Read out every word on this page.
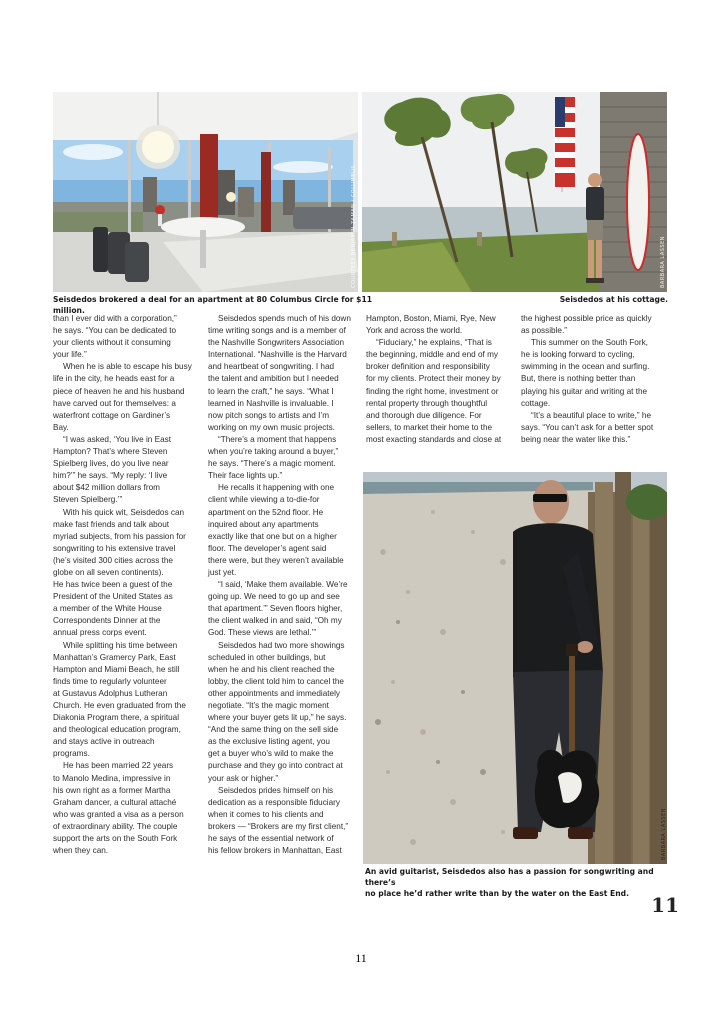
COURTESY BENJAMIN ZAMAN / COLUMBUS	BARBARA LASSEN
Seisdedos brokered a deal for an apartment at 80 Columbus Circle for $11 million.
Seisdedos at his cottage.
BARBARA LASSEN
An avid guitarist, Seisdedos also has a passion for songwriting and there’s
no place he’d rather write than by the water on the East End.

than I ever did with a corporation,”

he says. “You can be dedicated to

your clients without it consuming

your life.”

When he is able to escape his busy

life in the city, he heads east for a

piece of heaven he and his husband

have carved out for themselves: a

waterfront cottage on Gardiner’s

Bay.

“I was asked, ‘You live in East

Hampton? That’s where Steven

Spielberg lives, do you live near

him?’” he says. “My reply: ‘I live

about $42 million dollars from

Steven Spielberg.’”

With his quick wit, Seisdedos can

make fast friends and talk about

myriad subjects, from his passion for

songwriting to his extensive travel

(he’s visited 300 cities across the

globe on all seven continents).

He has twice been a guest of the

President of the United States as

a member of the White House

Correspondents Dinner at the

annual press corps event.

While splitting his time between

Manhattan’s Gramercy Park, East

Hampton and Miami Beach, he still

finds time to regularly volunteer

at Gustavus Adolphus Lutheran

Church. He even graduated from the

Diakonia Program there, a spiritual

and theological education program,

and stays active in outreach

programs.

He has been married 22 years

to Manolo Medina, impressive in

his own right as a former Martha

Graham dancer, a cultural attaché

who was granted a visa as a person

of extraordinary ability. The couple

support the arts on the South Fork

when they can.

Seisdedos spends much of his down

time writing songs and is a member of

the Nashville Songwriters Association

International. “Nashville is the Harvard

and heartbeat of songwriting. I had

the talent and ambition but I needed

to learn the craft,” he says. “What I

learned in Nashville is invaluable. I

now pitch songs to artists and I’m

working on my own music projects.

“There’s a moment that happens

when you’re taking around a buyer,”

he says. “There’s a magic moment.

Their face lights up.”

He recalls it happening with one

client while viewing a to-die-for

apartment on the 52nd floor. He

inquired about any apartments

exactly like that one but on a higher

floor. The developer’s agent said

there were, but they weren’t available

just yet.

“I said, ‘Make them available. We’re

going up. We need to go up and see

that apartment.’” Seven floors higher,

the client walked in and said, “Oh my

God. These views are lethal.’”

Seisdedos had two more showings

scheduled in other buildings, but

when he and his client reached the

lobby, the client told him to cancel the

other appointments and immediately

negotiate. “It’s the magic moment

where your buyer gets lit up,” he says.

“And the same thing on the sell side

as the exclusive listing agent, you

get a buyer who’s wild to make the

purchase and they go into contract at

your ask or higher.”

Seisdedos prides himself on his

dedication as a responsible fiduciary

when it comes to his clients and

brokers — “Brokers are my first client,”

he says of the essential network of

his fellow brokers in Manhattan, East

Hampton, Boston, Miami, Rye, New

York and across the world.

“Fiduciary,” he explains, “That is

the beginning, middle and end of my

broker definition and responsibility

for my clients. Protect their money by

finding the right home, investment or

rental property through thoughtful

and thorough due diligence. For

sellers, to market their home to the

most exacting standards and close at

the highest possible price as quickly

as possible.”

This summer on the South Fork,

he is looking forward to cycling,

swimming in the ocean and surfing.

But, there is nothing better than

playing his guitar and writing at the

cottage.

“It’s a beautiful place to write,” he

says. “You can’t ask for a better spot

being near the water like this.”

11
11
